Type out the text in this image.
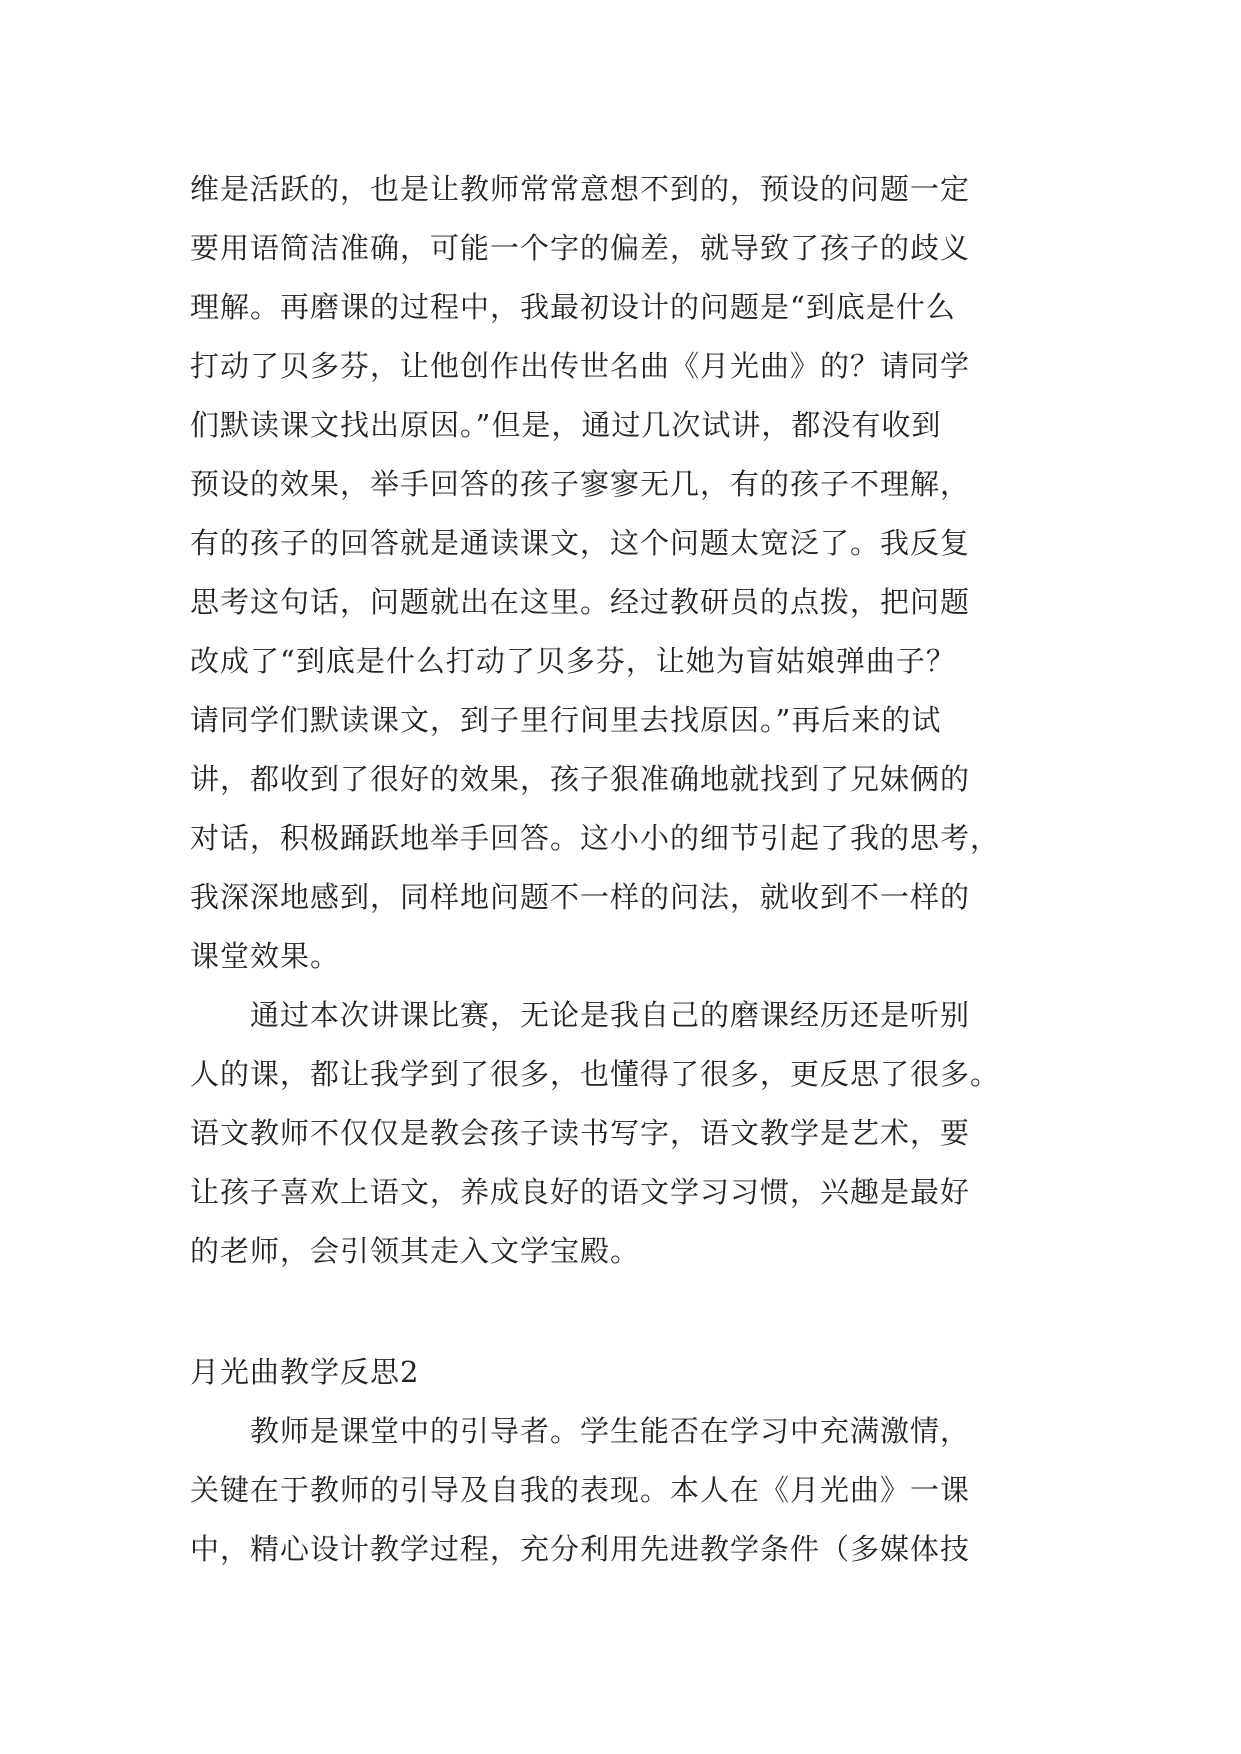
维是活跃的，也是让教师常常意想不到的，预设的问题一定
要用语简洁准确，可能一个字的偏差，就导致了孩子的歧义
理解。再磨课的过程中，我最初设计的问题是“到底是什么
打动了贝多芬，让他创作出传世名曲《月光曲》的？请同学
们默读课文找出原因。”但是，通过几次试讲，都没有收到
预设的效果，举手回答的孩子寥寥无几，有的孩子不理解，
有的孩子的回答就是通读课文，这个问题太宽泛了。我反复
思考这句话，问题就出在这里。经过教研员的点拨，把问题
改成了“到底是什么打动了贝多芬，让她为盲姑娘弹曲子？
请同学们默读课文，到子里行间里去找原因。”再后来的试
讲，都收到了很好的效果，孩子狠准确地就找到了兄妹俩的
对话，积极踊跃地举手回答。这小小的细节引起了我的思考，
我深深地感到，同样地问题不一样的问法，就收到不一样的
课堂效果。
　　通过本次讲课比赛，无论是我自己的磨课经历还是听别
人的课，都让我学到了很多，也懂得了很多，更反思了很多。
语文教师不仅仅是教会孩子读书写字，语文教学是艺术，要
让孩子喜欢上语文，养成良好的语文学习习惯，兴趣是最好
的老师，会引领其走入文学宝殿。
月光曲教学反思2
　　教师是课堂中的引导者。学生能否在学习中充满激情，
关键在于教师的引导及自我的表现。本人在《月光曲》一课
中，精心设计教学过程，充分利用先进教学条件（多媒体技
